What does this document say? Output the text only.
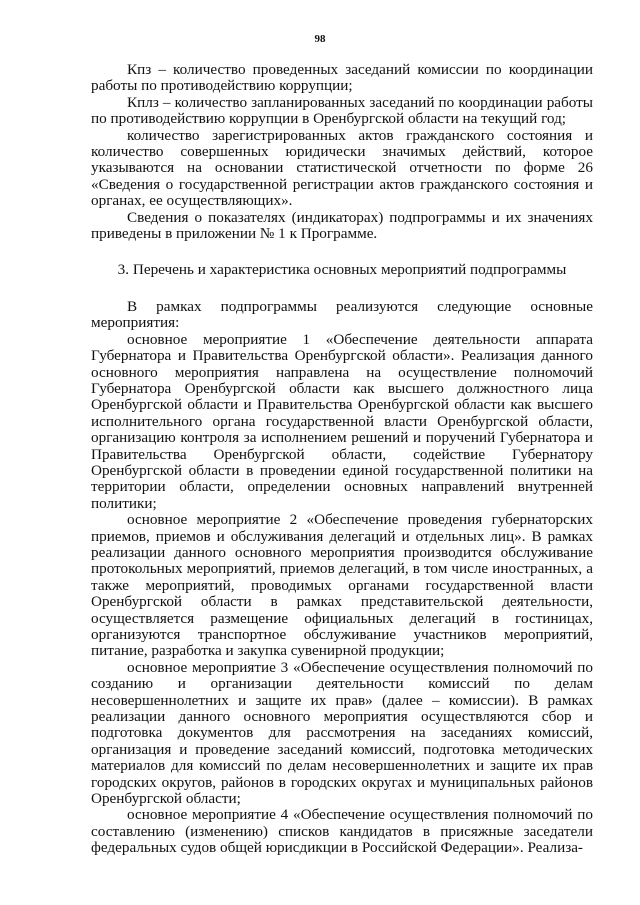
98

Кпз – количество проведенных заседаний комиссии по координации работы по противодействию коррупции;

Кплз – количество запланированных заседаний по координации работы по противодействию коррупции в Оренбургской области на текущий год;

количество зарегистрированных актов гражданского состояния и количество совершенных юридически значимых действий, которое указываются на основании статистической отчетности по форме 26 «Сведения о государственной регистрации актов гражданского состояния и органах, ее осуществляющих».

Сведения о показателях (индикаторах) подпрограммы и их значениях приведены в приложении № 1 к Программе.

3. Перечень и характеристика основных мероприятий подпрограммы

В рамках подпрограммы реализуются следующие основные мероприятия:

основное мероприятие 1 «Обеспечение деятельности аппарата Губернатора и Правительства Оренбургской области». Реализация данного основного мероприятия направлена на осуществление полномочий Губернатора Оренбургской области как высшего должностного лица Оренбургской области и Правительства Оренбургской области как высшего исполнительного органа государственной власти Оренбургской области, организацию контроля за исполнением решений и поручений Губернатора и Правительства Оренбургской области, содействие Губернатору Оренбургской области в проведении единой государственной политики на территории области, определении основных направлений внутренней политики;

основное мероприятие 2 «Обеспечение проведения губернаторских приемов, приемов и обслуживания делегаций и отдельных лиц». В рамках реализации данного основного мероприятия производится обслуживание протокольных мероприятий, приемов делегаций, в том числе иностранных, а также мероприятий, проводимых органами государственной власти Оренбургской области в рамках представительской деятельности, осуществляется размещение официальных делегаций в гостиницах, организуются транспортное обслуживание участников мероприятий, питание, разработка и закупка сувенирной продукции;

основное мероприятие 3 «Обеспечение осуществления полномочий по созданию и организации деятельности комиссий по делам несовершеннолетних и защите их прав» (далее – комиссии). В рамках реализации данного основного мероприятия осуществляются сбор и подготовка документов для рассмотрения на заседаниях комиссий, организация и проведение заседаний комиссий, подготовка методических материалов для комиссий по делам несовершеннолетних и защите их прав городских округов, районов в городских округах и муниципальных районов Оренбургской области;

основное мероприятие 4 «Обеспечение осуществления полномочий по составлению (изменению) списков кандидатов в присяжные заседатели федеральных судов общей юрисдикции в Российской Федерации». Реализа-
